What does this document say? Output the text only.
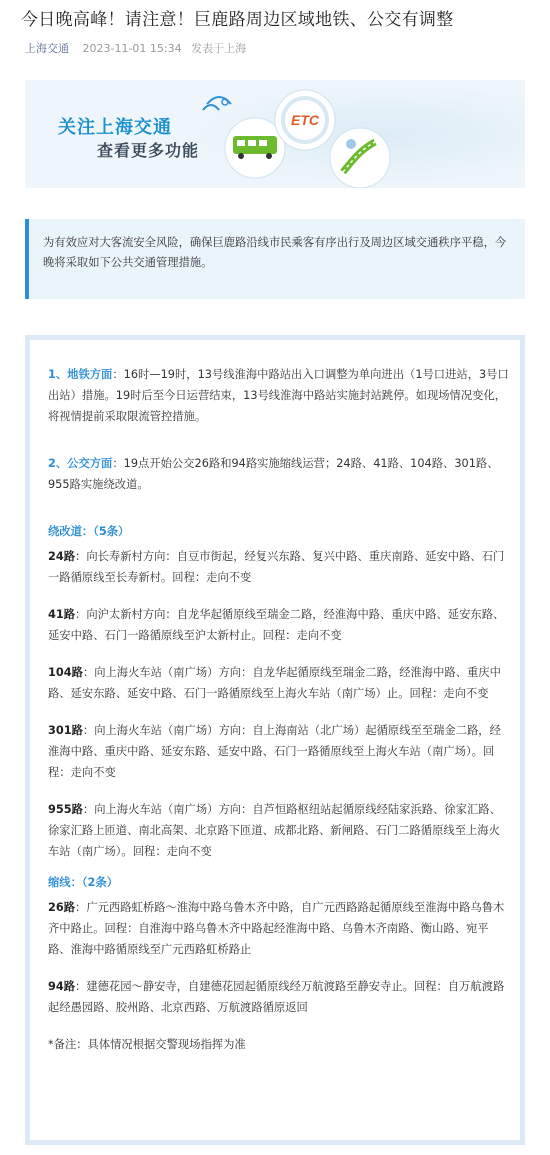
今日晚高峰！请注意！巨鹿路周边区域地铁、公交有调整
上海交通 2023-11-01 15:34 发表于上海
关注上海交通
查看更多功能
ETC

为有效应对大客流安全风险，确保巨鹿路沿线市民乘客有序出行及周边区域交通秩序平稳，今晚将采取如下公共交通管理措施。

1、地铁方面：16时—19时，13号线淮海中路站出入口调整为单向进出（1号口进站，3号口出站）措施。19时后至今日运营结束，13号线淮海中路站实施封站跳停。如现场情况变化，将视情提前采取限流管控措施。
2、公交方面：19点开始公交26路和94路实施缩线运营；24路、41路、104路、301路、955路实施绕改道。
绕改道：（5条）
24路：向长寿新村方向：自豆市街起，经复兴东路、复兴中路、重庆南路、延安中路、石门一路循原线至长寿新村。回程：走向不变
41路：向沪太新村方向：自龙华起循原线至瑞金二路，经淮海中路、重庆中路、延安东路、延安中路、石门一路循原线至沪太新村止。回程：走向不变
104路：向上海火车站（南广场）方向：自龙华起循原线至瑞金二路，经淮海中路、重庆中路、延安东路、延安中路、石门一路循原线至上海火车站（南广场）止。回程：走向不变
301路：向上海火车站（南广场）方向：自上海南站（北广场）起循原线至至瑞金二路，经淮海中路、重庆中路、延安东路、延安中路、石门一路循原线至上海火车站（南广场）。回程：走向不变
955路：向上海火车站（南广场）方向：自芦恒路枢纽站起循原线经陆家浜路、徐家汇路、徐家汇路上匝道、南北高架、北京路下匝道、成都北路、新闸路、石门二路循原线至上海火车站（南广场）。回程：走向不变
缩线：（2条）
26路：广元西路虹桥路～淮海中路乌鲁木齐中路，自广元西路路起循原线至淮海中路乌鲁木齐中路止。回程：自淮海中路乌鲁木齐中路起经淮海中路、乌鲁木齐南路、衡山路、宛平路、淮海中路循原线至广元西路虹桥路止
94路：建德花园～静安寺，自建德花园起循原线经万航渡路至静安寺止。回程：自万航渡路起经愚园路、胶州路、北京西路、万航渡路循原返回
*备注：具体情况根据交警现场指挥为准
